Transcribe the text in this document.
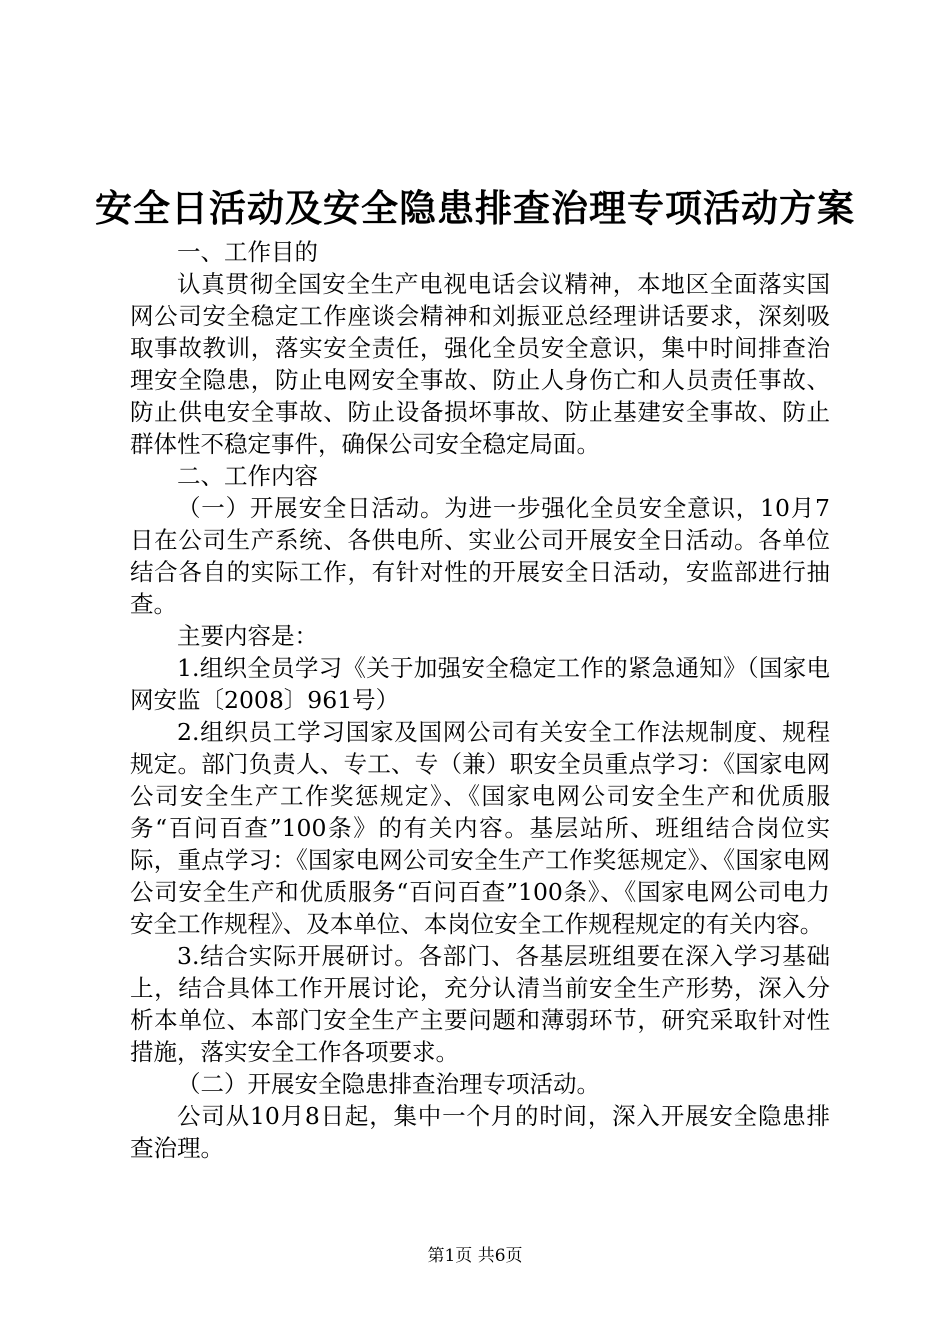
安全日活动及安全隐患排查治理专项活动方案

一、工作目的

认真贯彻全国安全生产电视电话会议精神，本地区全面落实国网公司安全稳定工作座谈会精神和刘振亚总经理讲话要求，深刻吸取事故教训，落实安全责任，强化全员安全意识，集中时间排查治理安全隐患，防止电网安全事故、防止人身伤亡和人员责任事故、防止供电安全事故、防止设备损坏事故、防止基建安全事故、防止群体性不稳定事件，确保公司安全稳定局面。

二、工作内容

（一）开展安全日活动。为进一步强化全员安全意识，10月7日在公司生产系统、各供电所、实业公司开展安全日活动。各单位结合各自的实际工作，有针对性的开展安全日活动，安监部进行抽查。

主要内容是：

1.组织全员学习《关于加强安全稳定工作的紧急通知》（国家电网安监〔2008〕961号）

2.组织员工学习国家及国网公司有关安全工作法规制度、规程规定。部门负责人、专工、专（兼）职安全员重点学习：《国家电网公司安全生产工作奖惩规定》、《国家电网公司安全生产和优质服务“百问百查”100条》的有关内容。基层站所、班组结合岗位实际，重点学习：《国家电网公司安全生产工作奖惩规定》、《国家电网公司安全生产和优质服务“百问百查”100条》、《国家电网公司电力安全工作规程》、及本单位、本岗位安全工作规程规定的有关内容。

3.结合实际开展研讨。各部门、各基层班组要在深入学习基础上，结合具体工作开展讨论，充分认清当前安全生产形势，深入分析本单位、本部门安全生产主要问题和薄弱环节，研究采取针对性措施，落实安全工作各项要求。

（二）开展安全隐患排查治理专项活动。

公司从10月8日起，集中一个月的时间，深入开展安全隐患排查治理。

第1页 共6页
